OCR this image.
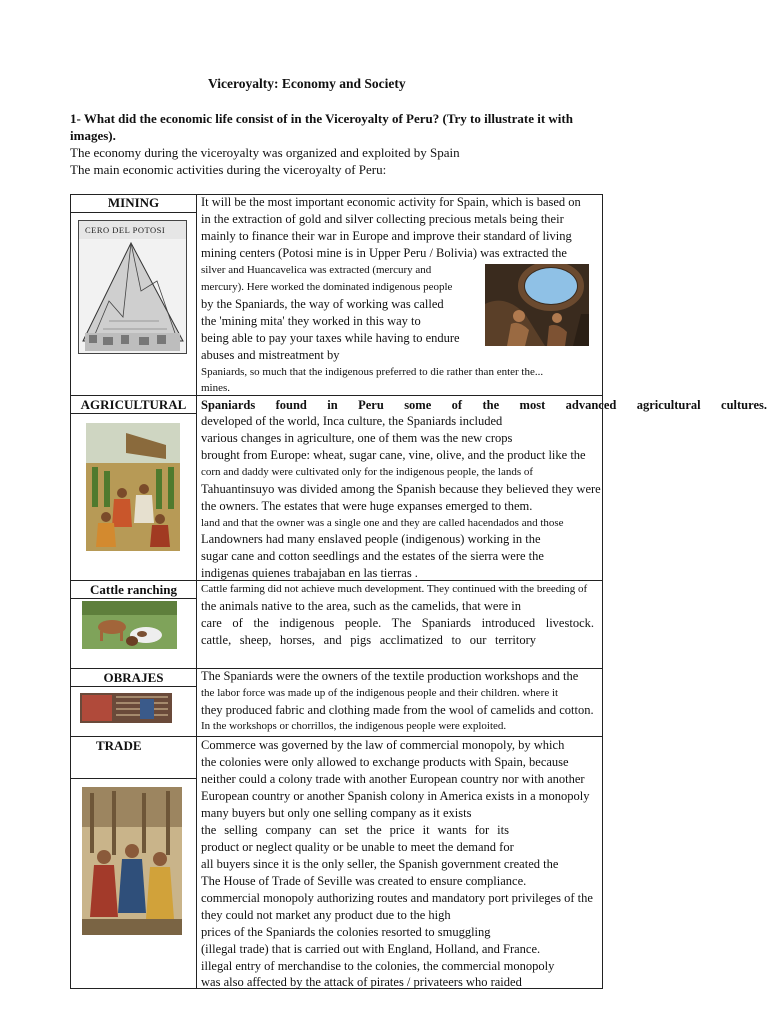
Viceroyalty: Economy and Society
1- What did the economic life consist of in the Viceroyalty of Peru? (Try to illustrate it with images).
The economy during the viceroyalty was organized and exploited by Spain
The main economic activities during the viceroyalty of Peru:
MINING
CERO DEL POTOSI
It will be the most important economic activity for Spain, which is based on
in the extraction of gold and silver collecting precious metals being their
mainly to finance their war in Europe and improve their standard of living
mining centers (Potosi mine is in Upper Peru / Bolivia) was extracted the
silver and Huancavelica was extracted (mercury and
mercury). Here worked the dominated indigenous people
by the Spaniards, the way of working was called
the 'mining mita' they worked in this way to
being able to pay your taxes while having to endure
abuses and mistreatment by
Spaniards, so much that the indigenous preferred to die rather than enter the...
mines.
AGRICULTURAL	Spaniards found in Peru some of the most advanced agricultural cultures.
developed of the world, Inca culture, the Spaniards included
various changes in agriculture, one of them was the new crops
brought from Europe: wheat, sugar cane, vine, olive, and the product like the
corn and daddy were cultivated only for the indigenous people, the lands of
Tahuantinsuyo was divided among the Spanish because they believed they were
the owners. The estates that were huge expanses emerged to them.
land and that the owner was a single one and they are called hacendados and those
Landowners had many enslaved people (indigenous) working in the
sugar cane and cotton seedlings and the estates of the sierra were the
indigenas quienes trabajaban en las tierras .
Cattle ranching	Cattle farming did not achieve much development. They continued with the breeding of
the animals native to the area, such as the camelids, that were in
care of the indigenous people. The Spaniards introduced livestock.
cattle, sheep, horses, and pigs acclimatized to our territory
OBRAJES	The Spaniards were the owners of the textile production workshops and the
the labor force was made up of the indigenous people and their children. where it
they produced fabric and clothing made from the wool of camelids and cotton.
In the workshops or chorrillos, the indigenous people were exploited.
TRADE	Commerce was governed by the law of commercial monopoly, by which
the colonies were only allowed to exchange products with Spain, because
neither could a colony trade with another European country nor with another
European country or another Spanish colony in America exists in a monopoly
many buyers but only one selling company as it exists
the selling company can set the price it wants for its
product or neglect quality or be unable to meet the demand for
all buyers since it is the only seller, the Spanish government created the
The House of Trade of Seville was created to ensure compliance.
commercial monopoly authorizing routes and mandatory port privileges of the
they could not market any product due to the high
prices of the Spaniards the colonies resorted to smuggling
(illegal trade) that is carried out with England, Holland, and France.
illegal entry of merchandise to the colonies, the commercial monopoly
was also affected by the attack of pirates / privateers who raided
